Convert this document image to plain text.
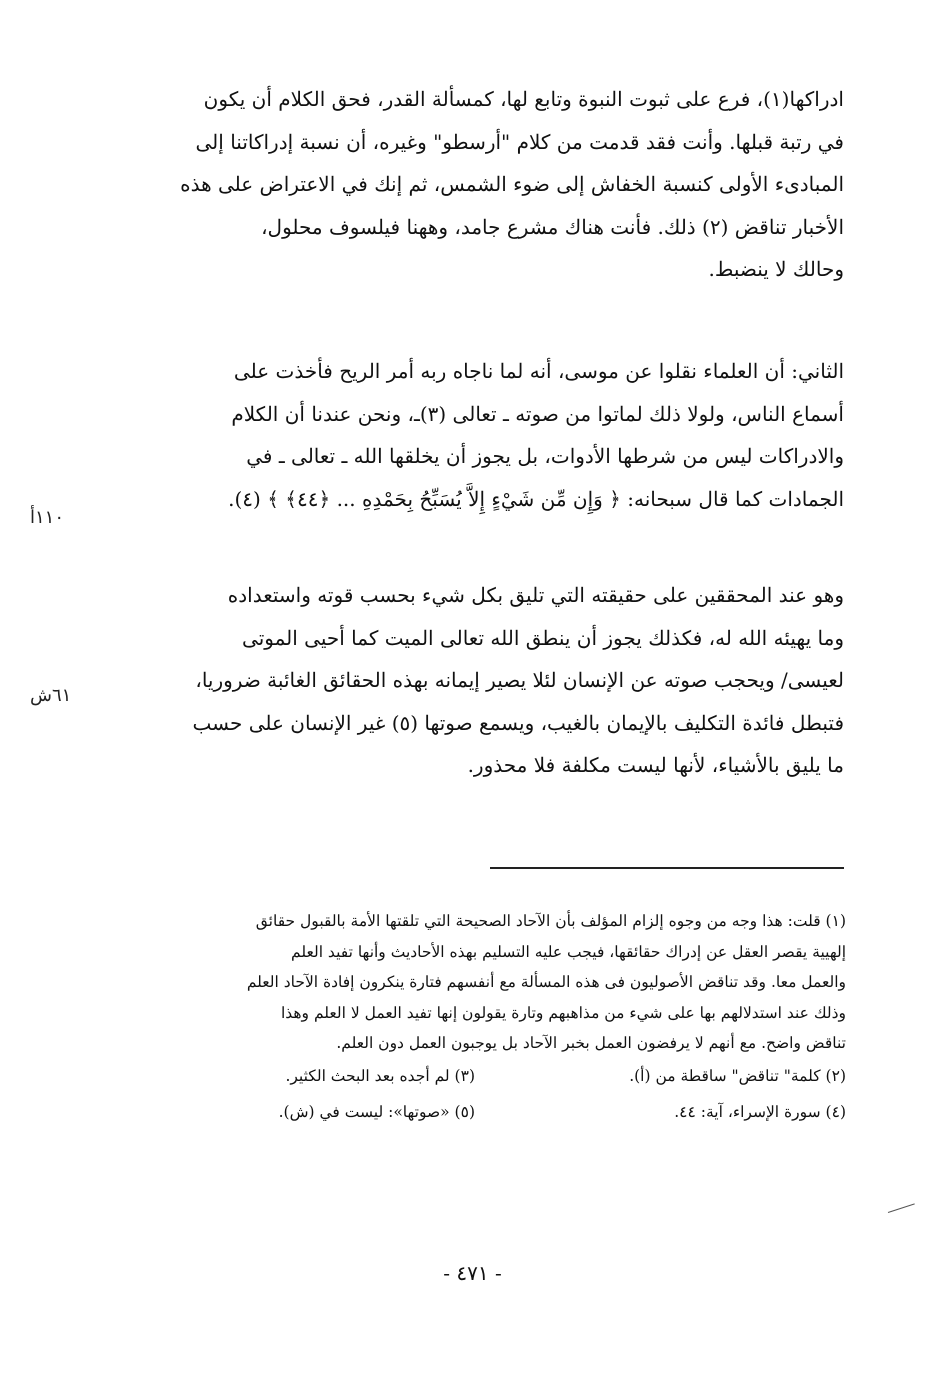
ادراكها(١)، فرع على ثبوت النبوة وتابع لها، كمسألة القدر، فحق الكلام أن يكون

في رتبة قبلها. وأنت فقد قدمت من كلام "أرسطو" وغيره، أن نسبة إدراكاتنا إلى

المبادىء الأولى كنسبة الخفاش إلى ضوء الشمس، ثم إنك في الاعتراض على هذه

الأخبار تناقض (٢) ذلك. فأنت هناك مشرع جامد، وههنا فيلسوف محلول،

وحالك لا ينضبط.

الثاني: أن العلماء نقلوا عن موسى، أنه لما ناجاه ربه أمر الريح فأخذت على

أسماع الناس، ولولا ذلك لماتوا من صوته ـ تعالى (٣)ـ، ونحن عندنا أن الكلام

والادراكات ليس من شرطها الأدوات، بل يجوز أن يخلقها الله ـ تعالى ـ في

الجمادات كما قال سبحانه: ﴿ وَإِن مِّن شَيْءٍ إِلاَّ يُسَبِّحُ بِحَمْدِهِ ... ﴿٤٤﴾ ﴾ (٤).

وهو عند المحققين على حقيقته التي تليق بكل شيء بحسب قوته واستعداده

وما يهيئه الله له، فكذلك يجوز أن ينطق الله تعالى الميت كما أحيى الموتى

لعيسى/ ويحجب صوته عن الإنسان لئلا يصير إيمانه بهذه الحقائق الغائبة ضروريا،

فتبطل فائدة التكليف بالإيمان بالغيب، ويسمع صوتها (٥) غير الإنسان على حسب

ما يليق بالأشياء، لأنها ليست مكلفة فلا محذور.

١١٠أ
٦١ش

(١) قلت: هذا وجه من وجوه إلزام المؤلف بأن الآحاد الصحيحة التي تلقتها الأمة بالقبول حقائق

إلهيية يقصر العقل عن إدراك حقائقها، فيجب عليه التسليم بهذه الأحاديث وأنها تفيد العلم

والعمل معا. وقد تناقض الأصوليون فى هذه المسألة مع أنفسهم فتارة ينكرون إفادة الآحاد العلم

وذلك عند استدلالهم بها على شيء من مذاهبهم وتارة يقولون إنها تفيد العمل لا العلم وهذا

تناقض واضح. مع أنهم لا يرفضون العمل بخبر الآحاد بل يوجبون العمل دون العلم.

(٢) كلمة" تناقض" ساقطة من (أ).
(٣) لم أجده بعد البحث الكثير.
(٤) سورة الإسراء، آية: ٤٤.
(٥) «صوتها»: ليست في (ش).
- ٤٧١ -
